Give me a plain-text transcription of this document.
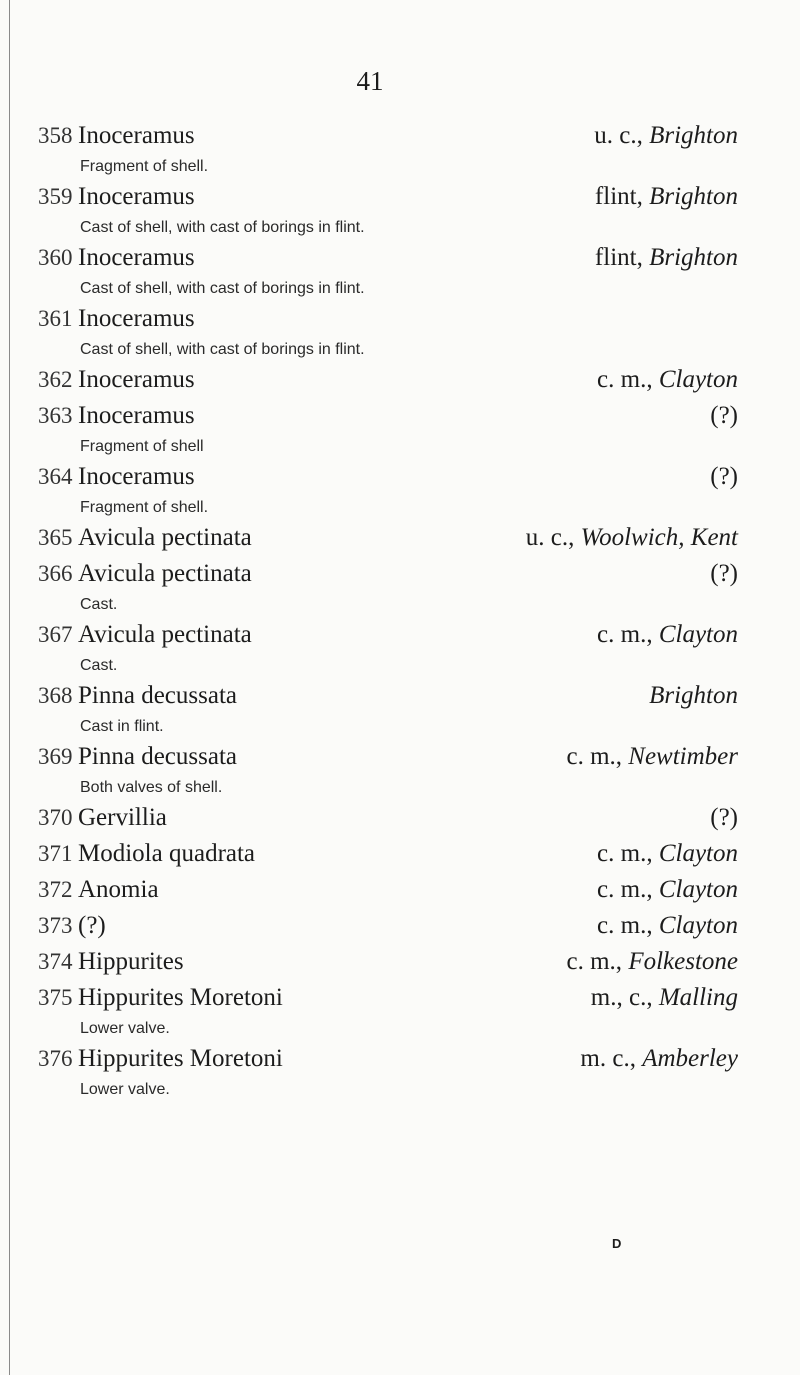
41
358 Inoceramus	u. c., Brighton
Fragment of shell.
359 Inoceramus	flint, Brighton
Cast of shell, with cast of borings in flint.
360 Inoceramus	flint, Brighton
Cast of shell, with cast of borings in flint.
361 Inoceramus
Cast of shell, with cast of borings in flint.
362 Inoceramus	c. m., Clayton
363 Inoceramus	(?)
Fragment of shell
364 Inoceramus	(?)
Fragment of shell.
365 Avicula pectinata	u. c., Woolwich, Kent
366 Avicula pectinata	(?)
Cast.
367 Avicula pectinata	c. m., Clayton
Cast.
368 Pinna decussata	Brighton
Cast in flint.
369 Pinna decussata	c. m., Newtimber
Both valves of shell.
370 Gervillia	(?)
371 Modiola quadrata	c. m., Clayton
372 Anomia	c. m., Clayton
373 (?)	c. m., Clayton
374 Hippurites	c. m., Folkestone
375 Hippurites Moretoni	m., c., Malling
Lower valve.
376 Hippurites Moretoni	m. c., Amberley
Lower valve.
D
